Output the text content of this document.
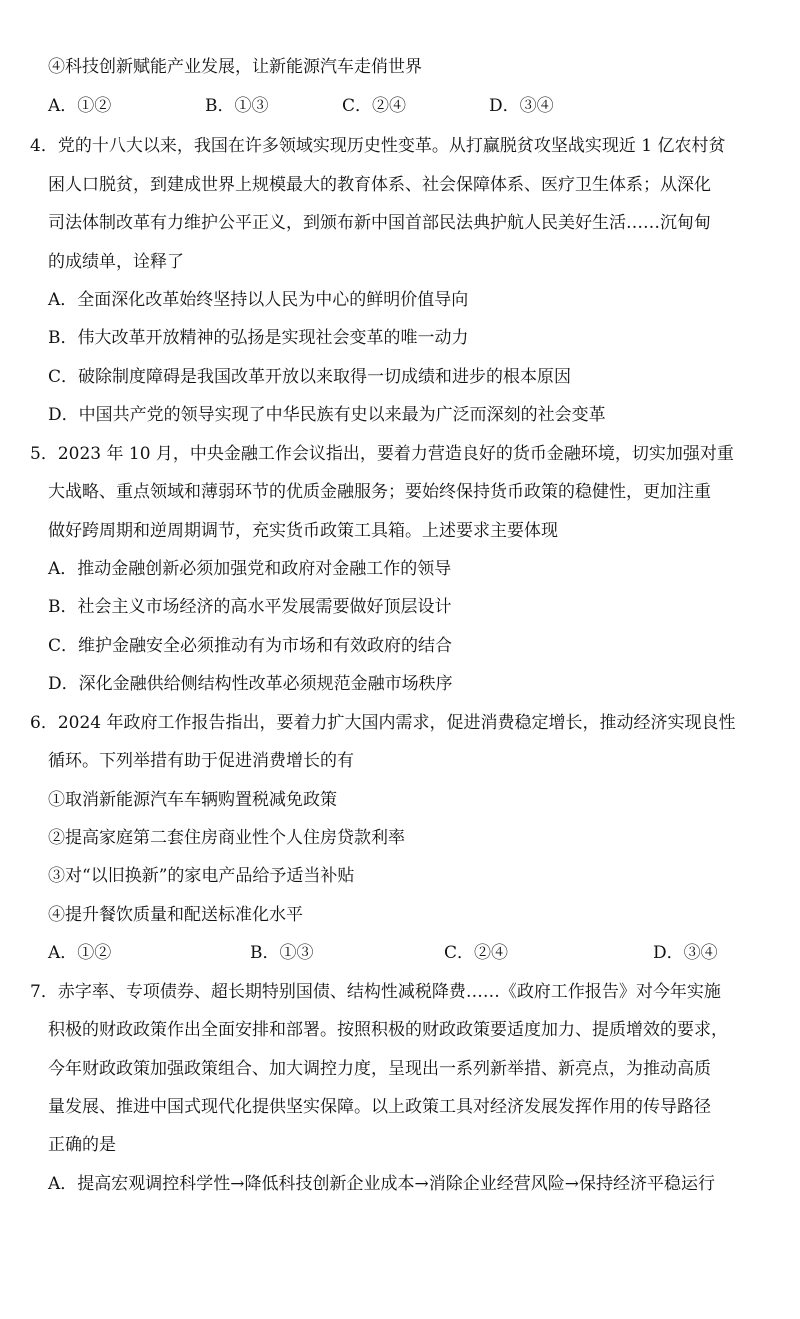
④科技创新赋能产业发展，让新能源汽车走俏世界
A．①②	B．①③	C．②④	D．③④
4．党的十八大以来，我国在许多领域实现历史性变革。从打赢脱贫攻坚战实现近 1 亿农村贫
困人口脱贫，到建成世界上规模最大的教育体系、社会保障体系、医疗卫生体系；从深化
司法体制改革有力维护公平正义，到颁布新中国首部民法典护航人民美好生活……沉甸甸
的成绩单，诠释了
A．全面深化改革始终坚持以人民为中心的鲜明价值导向
B．伟大改革开放精神的弘扬是实现社会变革的唯一动力
C．破除制度障碍是我国改革开放以来取得一切成绩和进步的根本原因
D．中国共产党的领导实现了中华民族有史以来最为广泛而深刻的社会变革
5．2023 年 10 月，中央金融工作会议指出，要着力营造良好的货币金融环境，切实加强对重
大战略、重点领域和薄弱环节的优质金融服务；要始终保持货币政策的稳健性，更加注重
做好跨周期和逆周期调节，充实货币政策工具箱。上述要求主要体现
A．推动金融创新必须加强党和政府对金融工作的领导
B．社会主义市场经济的高水平发展需要做好顶层设计
C．维护金融安全必须推动有为市场和有效政府的结合
D．深化金融供给侧结构性改革必须规范金融市场秩序
6．2024 年政府工作报告指出，要着力扩大国内需求，促进消费稳定增长，推动经济实现良性
循环。下列举措有助于促进消费增长的有
①取消新能源汽车车辆购置税减免政策
②提高家庭第二套住房商业性个人住房贷款利率
③对“以旧换新”的家电产品给予适当补贴
④提升餐饮质量和配送标准化水平
A．①②	B．①③	C．②④	D．③④
7．赤字率、专项债券、超长期特别国债、结构性减税降费……《政府工作报告》对今年实施
积极的财政政策作出全面安排和部署。按照积极的财政政策要适度加力、提质增效的要求，
今年财政政策加强政策组合、加大调控力度，呈现出一系列新举措、新亮点，为推动高质
量发展、推进中国式现代化提供坚实保障。以上政策工具对经济发展发挥作用的传导路径
正确的是
A．提高宏观调控科学性→降低科技创新企业成本→消除企业经营风险→保持经济平稳运行
